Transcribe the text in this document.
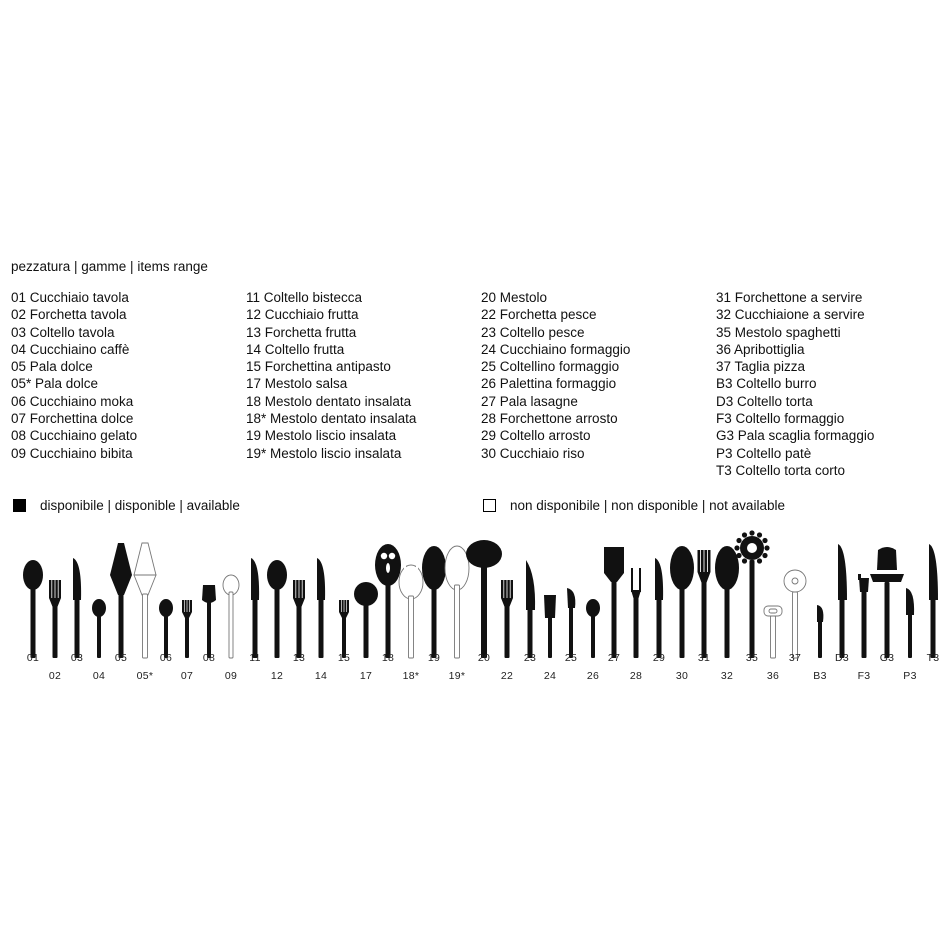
pezzatura | gamme | items range
01 Cucchiaio tavola
02 Forchetta tavola
03 Coltello tavola
04 Cucchiaino caffè
05 Pala dolce
05* Pala dolce
06 Cucchiaino moka
07 Forchettina dolce
08 Cucchiaino gelato
09 Cucchiaino bibita
11 Coltello bistecca
12 Cucchiaio frutta
13 Forchetta frutta
14 Coltello frutta
15 Forchettina antipasto
17 Mestolo salsa
18 Mestolo dentato insalata
18* Mestolo dentato insalata
19 Mestolo liscio insalata
19* Mestolo liscio insalata
20 Mestolo
22 Forchetta pesce
23 Coltello pesce
24 Cucchiaino formaggio
25 Coltellino formaggio
26 Palettina formaggio
27 Pala lasagne
28 Forchettone arrosto
29 Coltello arrosto
30 Cucchiaio riso
31 Forchettone a servire
32 Cucchiaione a servire
35 Mestolo spaghetti
36 Apribottiglia
37 Taglia pizza
B3 Coltello burro
D3 Coltello torta
F3 Coltello formaggio
G3 Pala scaglia formaggio
P3 Coltello patè
T3 Coltello torta corto
disponibile | disponible | available	non disponibile | non disponible | not available
01
02
03
04
05
05*
06
07
08
09
11
12
13
14
15
17
18
18*
19
19*
20
22
23
24
25
26
27
28
29
30
31
32
35
36
37
B3
D3
F3
G3
P3
T3
